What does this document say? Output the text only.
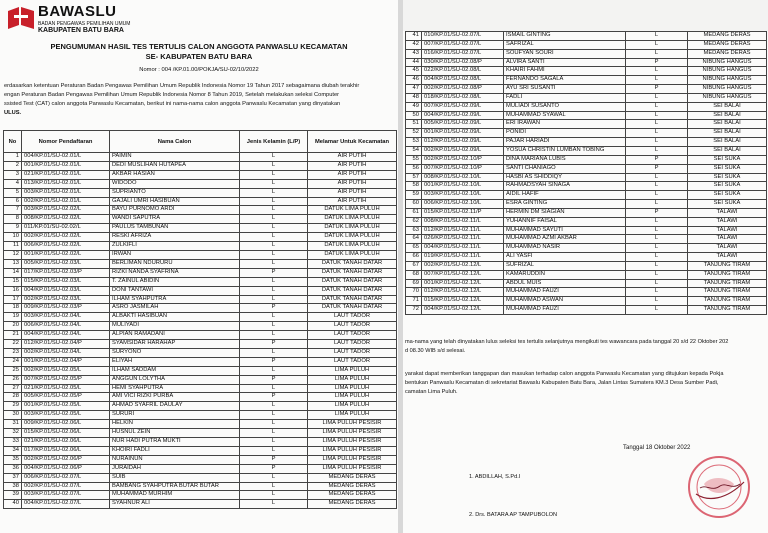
BAWASLU
BADAN PENGAWAS PEMILIHAN UMUM
KABUPATEN BATU BARA
PENGUMUMAN HASIL TES TERTULIS CALON ANGGOTA PANWASLU KECAMATAN
SE- KABUPATEN BATU BARA
Nomor : 004 /KP.01.00/POKJA/SU-02/10/2022
erdasarkan ketentuan Peraturan Badan Pengawas Pemilihan Umum Republik Indonesia Nomor 19 Tahun 2017 sebagaimana diubah terakhir
engan Peraturan Badan Pengawas Pemilihan Umum Republik Indonesia Nomor 8 Tahun 2019, Setelah melakukan seleksi Computer
ssisted Test (CAT) calon anggota Panwaslu Kecamatan, berikut ini nama-nama calon anggota Panwaslu Kecamatan yang dinyatakan
ULUS.
No	Nomor Pendaftaran	Nama Calon	Jenis Kelamin (L/P)	Melamar Untuk Kecamatan
1	004/KP.01/SU-02.01/L	PAIMIN	L	AIR PUTIH
2	001/KP.01/SU-02.01/L	DEDI MUSLIHAN HUTAPEA	L	AIR PUTIH
3	021/KP.01/SU-02.01/L	AKBAR HASIAN	L	AIR PUTIH
4	013/KP.01/SU-02.01/L	WIDODO	L	AIR PUTIH
5	003/KP.01/SU-02.01/L	SUPRIANTO	L	AIR PUTIH
6	002/KP.01/SU-02.01/L	GAJALI UMRI HASIBUAN	L	AIR PUTIH
7	003/KP.01/SU-02.02/L	BAYU PURNOMO ARDI	L	DATUK LIMA PULUH
8	008/KP.01/SU-02.02/L	WANDI SAPUTRA	L	DATUK LIMA PULUH
9	011/KP.01/SU-02.02/L	PAULUS TAMBUNAN	L	DATUK LIMA PULUH
10	002/KP.01/SU-02.02/L	RESKI AFRIZA	L	DATUK LIMA PULUH
11	006/KP.01/SU-02.02/L	ZULKIFLI	L	DATUK LIMA PULUH
12	001/KP.01/SU-02.02/L	IRWAN	L	DATUK LIMA PULUH
13	005/KP.01/SU-02.03/L	BERLIMAN NDURURU	L	DATUK TANAH DATAR
14	017/KP.01/SU-02.03/P	RIZKI NANDA SYAFRINA	P	DATUK TANAH DATAR
15	015/KP.01/SU-02.03/L	T. ZAINUL ABIDIN	L	DATUK TANAH DATAR
16	004/KP.01/SU-02.03/L	DONI TANTAWI	L	DATUK TANAH DATAR
17	002/KP.01/SU-02.03/L	ILHAM SYAHPUTRA	L	DATUK TANAH DATAR
18	009/KP.01/SU-02.03/P	ASRO JASMILAH	P	DATUK TANAH DATAR
19	003/KP.01/SU-02.04/L	ALBAKTI HASIBUAN	L	LAUT TADOR
20	006/KP.01/SU-02.04/L	MULIYADI	L	LAUT TADOR
21	004/KP.01/SU-02.04/L	ALPIAN RAMADANI	L	LAUT TADOR
22	012/KP.01/SU-02.04/P	SYAMSIDAR HARAHAP	P	LAUT TADOR
23	002/KP.01/SU-02.04/L	SURYONO	L	LAUT TADOR
24	001/KP.01/SU-02.04/P	ELIYAH	P	LAUT TADOR
25	002/KP.01/SU-02.05/L	ILHAM SADDAM	L	LIMA PULUH
26	007/KP.01/SU-02.05/P	ANGGUN LOLYTHA	P	LIMA PULUH
27	021/KP.01/SU-02.05/L	HEMI SYAHPUTRA	L	LIMA PULUH
28	005/KP.01/SU-02.05/P	AMI VICI RIZKI PURBA	P	LIMA PULUH
29	001/KP.01/SU-02.05/L	AHMAD SYAFRIL DAULAY	L	LIMA PULUH
30	003/KP.01/SU-02.05/L	SURURI	L	LIMA PULUH
31	009/KP.01/SU-02.06/L	HELKIN	L	LIMA PULUH PESISIR
32	015/KP.01/SU-02.06/L	HUSNUL ZEIN	L	LIMA PULUH PESISIR
33	021/KP.01/SU-02.06/L	NUR HADI PUTRA MUKTI	L	LIMA PULUH PESISIR
34	017/KP.01/SU-02.06/L	KHOIRI FADLI	L	LIMA PULUH PESISIR
35	002/KP.01/SU-02.06/P	NURAINUN	P	LIMA PULUH PESISIR
36	004/KP.01/SU-02.06/P	JURAIDAH	P	LIMA PULUH PESISIR
37	006/KP.01/SU-02.07/L	SUIB	L	MEDANG DERAS
38	002/KP.01/SU-02.07/L	BAMBANG SYAHPUTRA BUTAR BUTAR	L	MEDANG DERAS
39	003/KP.01/SU-02.07/L	MUHAMMAD MURHIM	L	MEDANG DERAS
40	004/KP.01/SU-02.07/L	SYAHNUR ALI	L	MEDANG DERAS
41	010/KP.01/SU-02.07/L	ISMAIL GINTING	L	MEDANG DERAS
42	007/KP.01/SU-02.07/L	SAFRIZAL	L	MEDANG DERAS
43	016/KP.01/SU-02.07/L	SOUFYAN SOURI	L	MEDANG DERAS
44	030/KP.01/SU-02.08/P	ALVIRA SANTI	P	NIBUNG HANGUS
45	022/KP.01/SU-02.08/L	KHAIRI FAHMI	L	NIBUNG HANGUS
46	004/KP.01/SU-02.08/L	FERNANDO SAGALA	L	NIBUNG HANGUS
47	002/KP.01/SU-02.08/P	AYU SRI SUSANTI	P	NIBUNG HANGUS
48	018/KP.01/SU-02.08/L	FADLI	L	NIBUNG HANGUS
49	007/KP.01/SU-02.09/L	MULIADI SUSANTO	L	SEI BALAI
50	004/KP.01/SU-02.09/L	MUHAMMAD SYAWAL	L	SEI BALAI
51	005/KP.01/SU-02.09/L	ERI IRAWAN	L	SEI BALAI
52	001/KP.01/SU-02.09/L	PONIDI	L	SEI BALAI
53	012/KP.01/SU-02.09/L	PAJAR HARIADI	L	SEI BALAI
54	002/KP.01/SU-02.09/L	YOSUA CHRISTIN LUMBAN TOBING	L	SEI BALAI
55	002/KP.01/SU-02.10/P	DINA MARIANA LUBIS	P	SEI SUKA
56	007/KP.01/SU-02.10/P	SANTI CHANIAGO	P	SEI SUKA
57	008/KP.01/SU-02.10/L	HASBI AS SHIDDIQY	L	SEI SUKA
58	001/KP.01/SU-02.10/L	RAHMADSYAH SINAGA	L	SEI SUKA
59	003/KP.01/SU-02.10/L	AIDIL HAFIF	L	SEI SUKA
60	006/KP.01/SU-02.10/L	ESRA GINTING	L	SEI SUKA
61	015/KP.01/SU-02.11/P	HERMIN DM SIAGIAN	P	TALAWI
62	008/KP.01/SU-02.11/L	YUHANNIF FAISAL	L	TALAWI
63	012/KP.01/SU-02.11/L	MUHAMMAD SAYUTI	L	TALAWI
64	026/KP.01/SU-02.11/L	MUHAMMAD AZMI AKBAR	L	TALAWI
65	004/KP.01/SU-02.11/L	MUHAMMAD NASIR	L	TALAWI
66	019/KP.01/SU-02.11/L	ALI YASFI	L	TALAWI
67	002/KP.01/SU-02.12/L	SUFRIZAL	L	TANJUNG TIRAM
68	007/KP.01/SU-02.12/L	KAMARUDDIN	L	TANJUNG TIRAM
69	001/KP.01/SU-02.12/L	ABDUL MUIS	L	TANJUNG TIRAM
70	012/KP.01/SU-02.12/L	MUHAMMAD FAUZI	L	TANJUNG TIRAM
71	015/KP.01/SU-02.12/L	MUHAMMAD ASWAN	L	TANJUNG TIRAM
72	004/KP.01/SU-02.12/L	MUHAMMAD FAUZI	L	TANJUNG TIRAM
ma-nama yang telah dinyatakan lulus seleksi tes tertulis selanjutnya mengikuti tes wawancara pada tanggal 20 s/d 22 Oktober 202
d 08.30 WIB s/d selesai.
yarakat dapat memberikan tanggapan dan masukan terhadap calon anggota Panwaslu Kecamatan yang ditujukan kepada Pokja
bentukan Panwaslu Kecamatan di sekretariat Bawaslu Kabupaten Batu Bara, Jalan Lintas Sumatera KM.3 Desa Sumber Padi,
camatan Lima Puluh.
Tanggal 18 Oktober 2022
1. ABDILLAH, S.Pd.I
2. Drs. BATARA AP TAMPUBOLON
